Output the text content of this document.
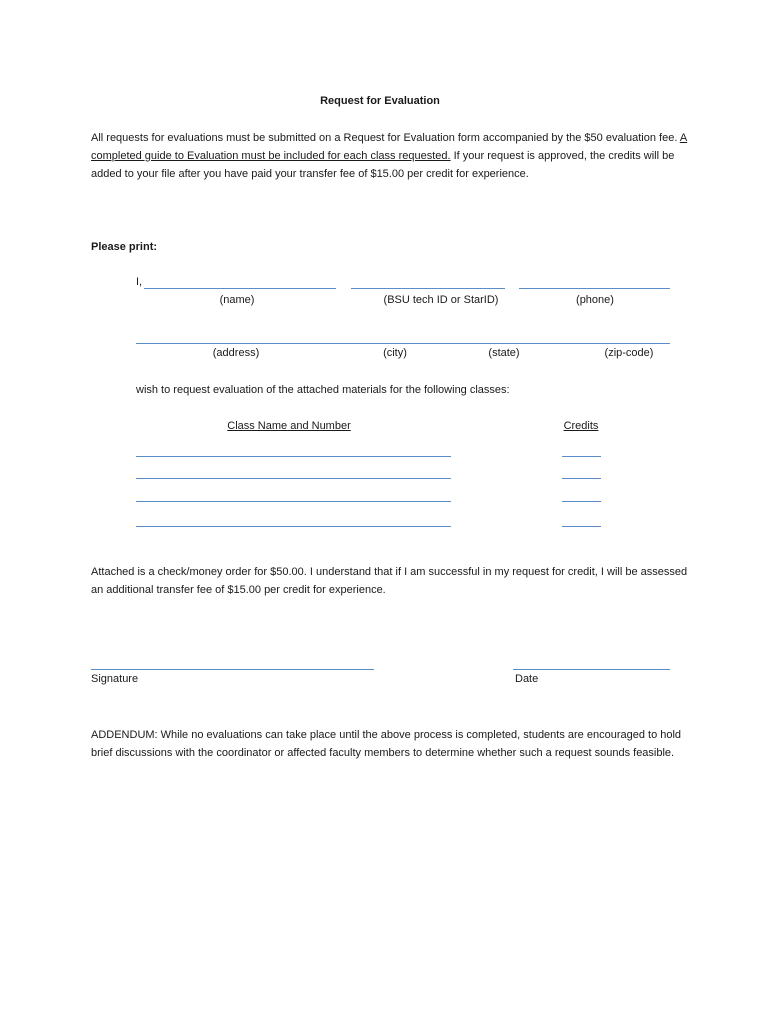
Request for Evaluation
All requests for evaluations must be submitted on a Request for Evaluation form accompanied by the $50 evaluation fee. A completed guide to Evaluation must be included for each class requested. If your request is approved, the credits will be added to your file after you have paid your transfer fee of $15.00 per credit for experience.
Please print:
I,
(name)	(BSU tech ID or StarID)	(phone)
(address)	(city)	(state)	(zip-code)
wish to request evaluation of the attached materials for the following classes:
Class Name and Number	Credits
Attached is a check/money order for $50.00. I understand that if I am successful in my request for credit, I will be assessed an additional transfer fee of $15.00 per credit for experience.
Signature	Date
ADDENDUM: While no evaluations can take place until the above process is completed, students are encouraged to hold brief discussions with the coordinator or affected faculty members to determine whether such a request sounds feasible.
